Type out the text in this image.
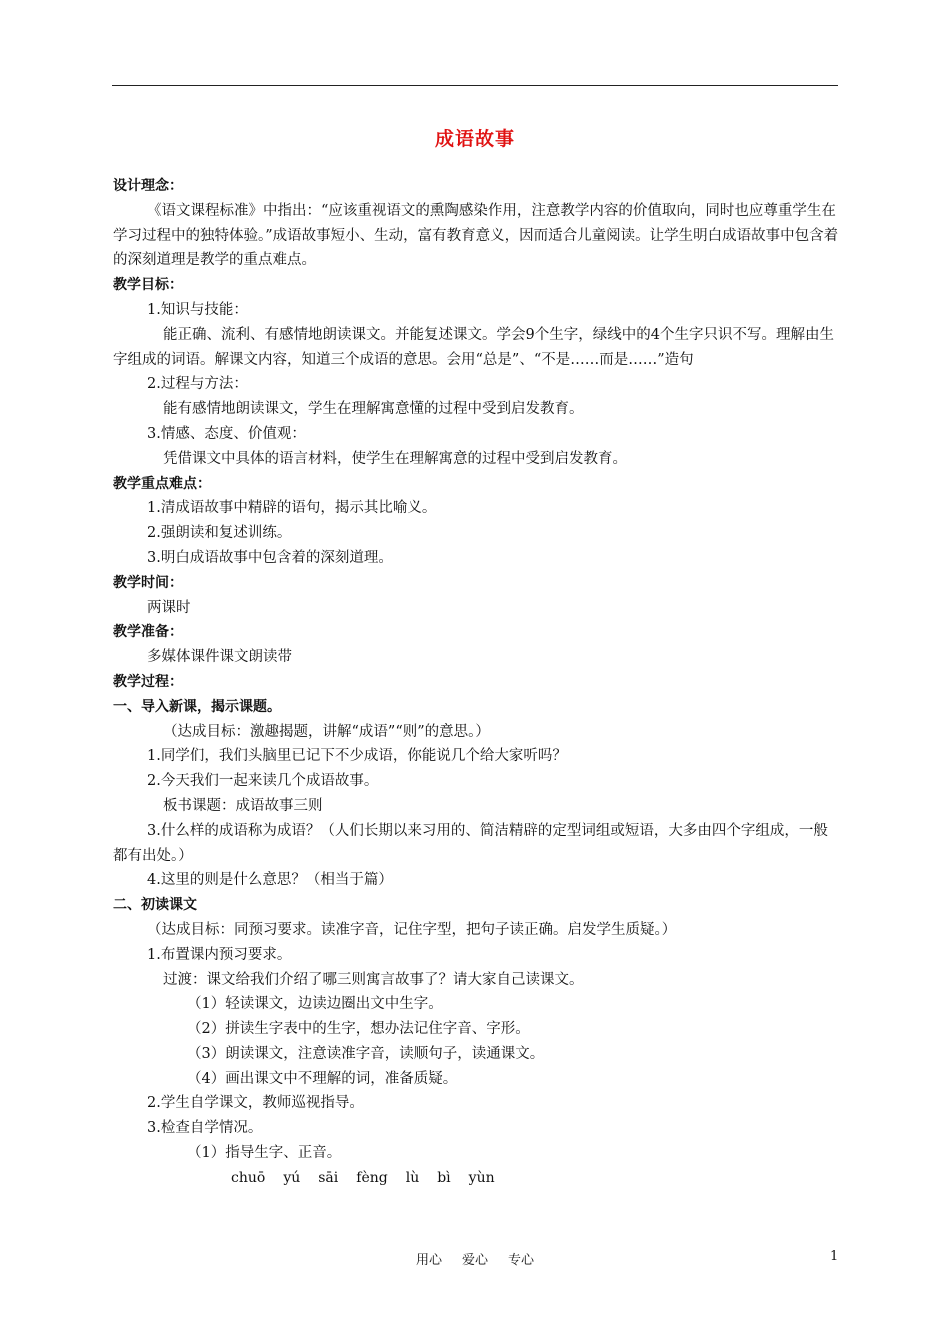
成语故事

设计理念：

《语文课程标准》中指出：“应该重视语文的熏陶感染作用，注意教学内容的价值取向，同时也应尊重学生在学习过程中的独特体验。”成语故事短小、生动，富有教育意义，因而适合儿童阅读。让学生明白成语故事中包含着的深刻道理是教学的重点难点。

教学目标：

1.知识与技能：

能正确、流利、有感情地朗读课文。并能复述课文。学会9个生字，绿线中的4个生字只识不写。理解由生字组成的词语。解课文内容，知道三个成语的意思。会用“总是”、“不是……而是……”造句

2.过程与方法：

能有感情地朗读课文，学生在理解寓意懂的过程中受到启发教育。

3.情感、态度、价值观：

凭借课文中具体的语言材料，使学生在理解寓意的过程中受到启发教育。

教学重点难点：

1.清成语故事中精辟的语句，揭示其比喻义。

2.强朗读和复述训练。

3.明白成语故事中包含着的深刻道理。

教学时间：

两课时

教学准备：

多媒体课件课文朗读带

教学过程：

一、导入新课，揭示课题。

（达成目标：激趣揭题，讲解“成语”“则”的意思。）

1.同学们，我们头脑里已记下不少成语，你能说几个给大家听吗？

2.今天我们一起来读几个成语故事。

板书课题：成语故事三则

3.什么样的成语称为成语？（人们长期以来习用的、简洁精辟的定型词组或短语，大多由四个字组成，一般都有出处。）

4.这里的则是什么意思？（相当于篇）

二、初读课文

（达成目标：同预习要求。读准字音，记住字型，把句子读正确。启发学生质疑。）

1.布置课内预习要求。

过渡：课文给我们介绍了哪三则寓言故事了？请大家自己读课文。

（1）轻读课文，边读边圈出文中生字。

（2）拼读生字表中的生字，想办法记住字音、字形。

（3）朗读课文，注意读准字音，读顺句子，读通课文。

（4）画出课文中不理解的词，准备质疑。

2.学生自学课文，教师巡视指导。

3.检查自学情况。

（1）指导生字、正音。

chuō yú sāi fèng lù bì yùn

用心 爱心 专心	1
